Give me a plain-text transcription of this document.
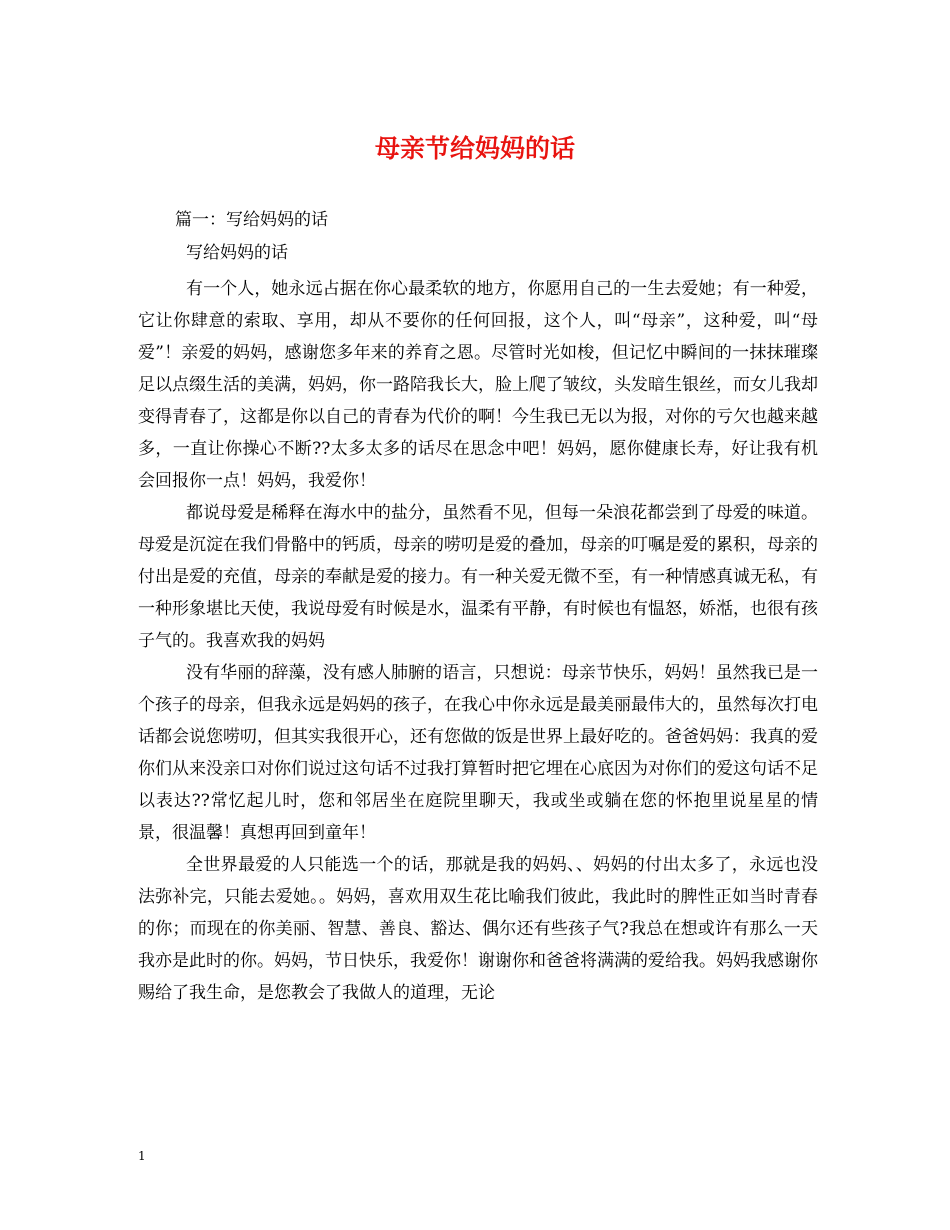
母亲节给妈妈的话
篇一：写给妈妈的话
写给妈妈的话

有一个人，她永远占据在你心最柔软的地方，你愿用自己的一生去爱她；有一种爱，它让你肆意的索取、享用，却从不要你的任何回报，这个人，叫“母亲”，这种爱，叫“母爱”！亲爱的妈妈，感谢您多年来的养育之恩。尽管时光如梭，但记忆中瞬间的一抹抹璀璨足以点缀生活的美满，妈妈，你一路陪我长大，脸上爬了皱纹，头发暗生银丝，而女儿我却变得青春了，这都是你以自己的青春为代价的啊！今生我已无以为报，对你的亏欠也越来越多，一直让你操心不断??太多太多的话尽在思念中吧！妈妈，愿你健康长寿，好让我有机会回报你一点！妈妈，我爱你！

都说母爱是稀释在海水中的盐分，虽然看不见，但每一朵浪花都尝到了母爱的味道。母爱是沉淀在我们骨骼中的钙质，母亲的唠叨是爱的叠加，母亲的叮嘱是爱的累积，母亲的付出是爱的充值，母亲的奉献是爱的接力。有一种关爱无微不至，有一种情感真诚无私，有一种形象堪比天使，我说母爱有时候是水，温柔有平静，有时候也有愠怒，娇湉，也很有孩子气的。我喜欢我的妈妈

没有华丽的辞藻，没有感人肺腑的语言，只想说：母亲节快乐，妈妈！虽然我已是一个孩子的母亲，但我永远是妈妈的孩子，在我心中你永远是最美丽最伟大的，虽然每次打电话都会说您唠叨，但其实我很开心，还有您做的饭是世界上最好吃的。爸爸妈妈：我真的爱你们从来没亲口对你们说过这句话不过我打算暂时把它埋在心底因为对你们的爱这句话不足以表达??常忆起儿时，您和邻居坐在庭院里聊天，我或坐或躺在您的怀抱里说星星的情景，很温馨！真想再回到童年！

全世界最爱的人只能选一个的话，那就是我的妈妈、、妈妈的付出太多了，永远也没法弥补完，只能去爱她。。妈妈，喜欢用双生花比喻我们彼此，我此时的脾性正如当时青春的你；而现在的你美丽、智慧、善良、豁达、偶尔还有些孩子气?我总在想或许有那么一天我亦是此时的你。妈妈，节日快乐，我爱你！谢谢你和爸爸将满满的爱给我。妈妈我感谢你赐给了我生命，是您教会了我做人的道理，无论

1
